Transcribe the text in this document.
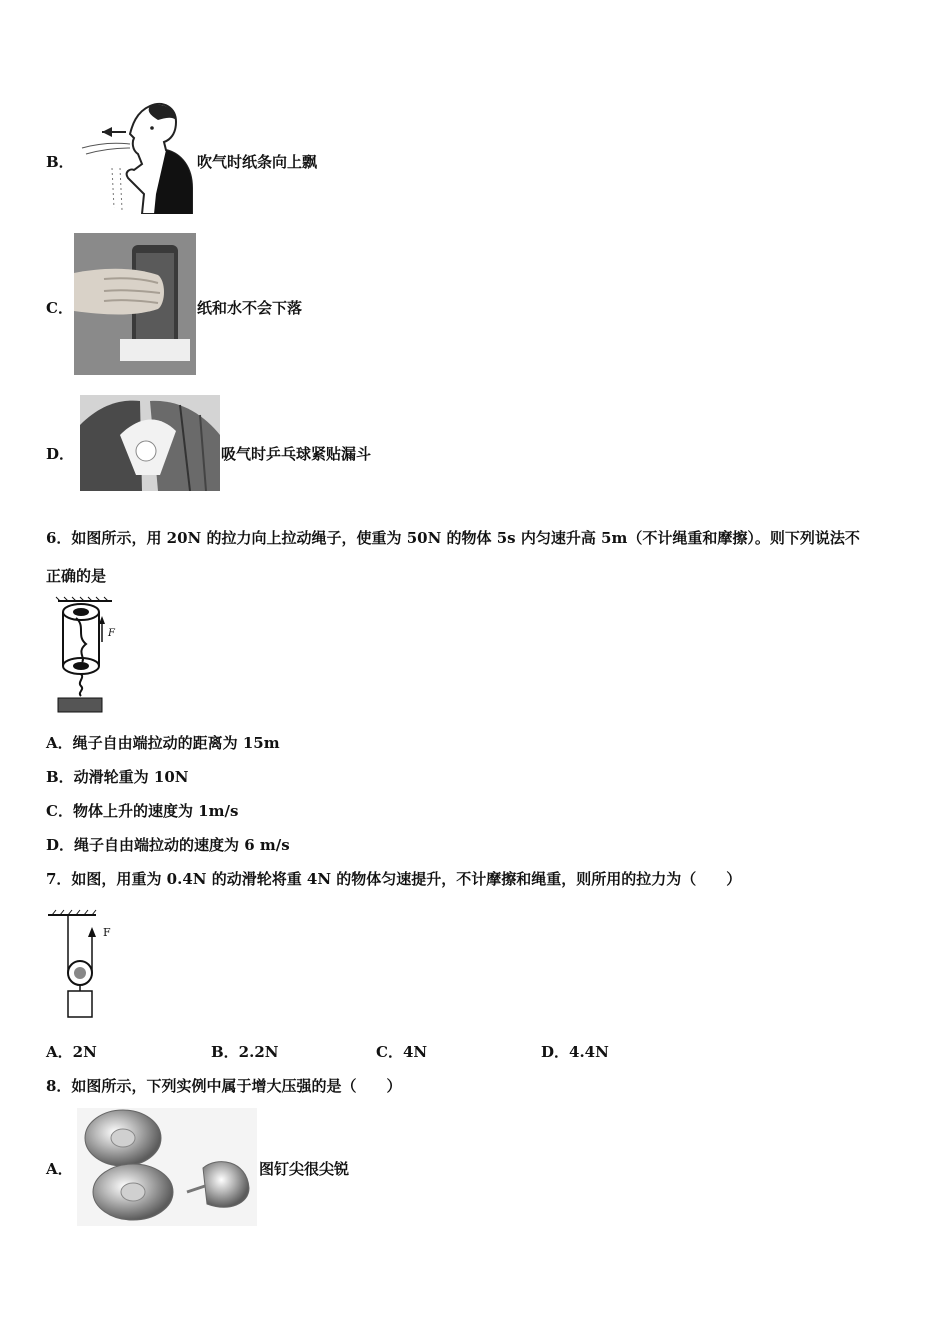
B．	吹气时纸条向上飘
C．	纸和水不会下落
D．	吸气时乒乓球紧贴漏斗
6．如图所示，用 20N 的拉力向上拉动绳子，使重为 50N 的物体 5s 内匀速升高 5m（不计绳重和摩擦）。则下列说法不
正确的是
F
A．绳子自由端拉动的距离为 15m
B．动滑轮重为 10N
C．物体上升的速度为 1m/s
D．绳子自由端拉动的速度为 6 m/s
7．如图，用重为 0.4N 的动滑轮将重 4N 的物体匀速提升，不计摩擦和绳重，则所用的拉力为（　　）
F
A．2N	B．2.2N	C．4N	D．4.4N
8．如图所示，下列实例中属于增大压强的是（　　）
A．	图钉尖很尖锐
